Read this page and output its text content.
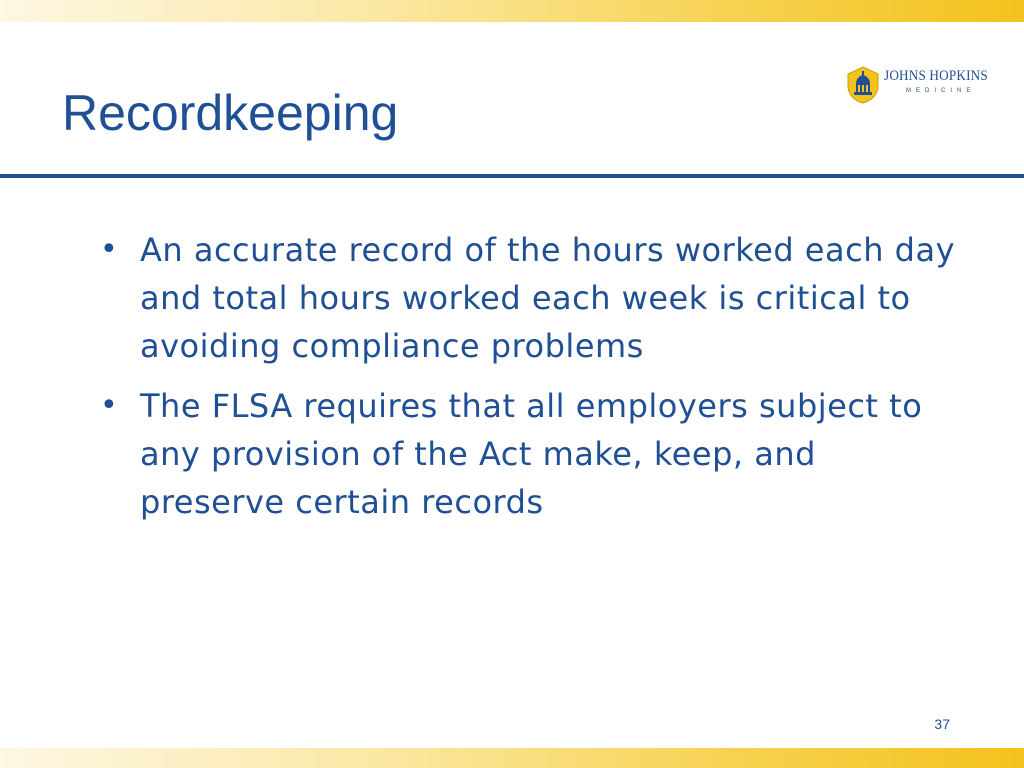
Recordkeeping
JOHNS HOPKINS
MEDICINE
• An accurate record of the hours worked each day and total hours worked each week is critical to avoiding compliance problems
• The FLSA requires that all employers subject to any provision of the Act make, keep, and preserve certain records
37
